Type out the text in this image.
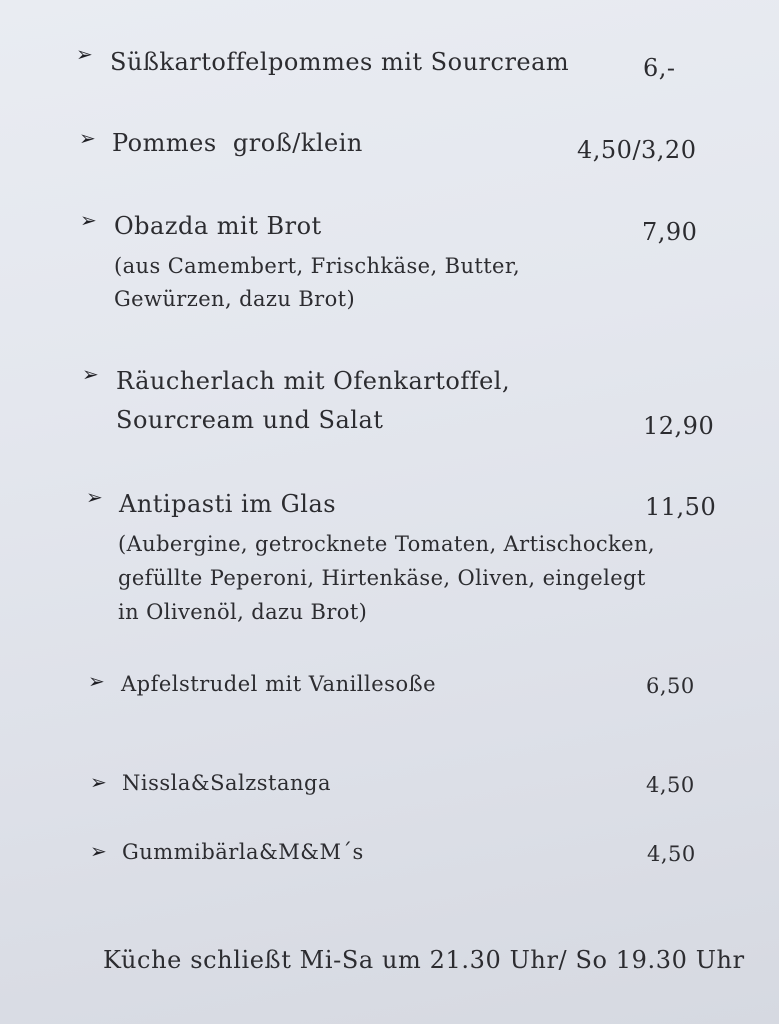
➢ Süßkartoffelpommes mit Sourcream	6,-
➢ Pommes  groß/klein	4,50/3,20
➢ Obazda mit Brot	7,90
(aus Camembert, Frischkäse, Butter,
Gewürzen, dazu Brot)
➢ Räucherlach mit Ofenkartoffel,
Sourcream und Salat	12,90
➢ Antipasti im Glas	11,50
(Aubergine, getrocknete Tomaten, Artischocken,
gefüllte Peperoni, Hirtenkäse, Oliven, eingelegt
in Olivenöl, dazu Brot)
➢ Apfelstrudel mit Vanillesoße	6,50
➢ Nissla&Salzstanga	4,50
➢ Gummibärla&M&M´s	4,50
Küche schließt Mi-Sa um 21.30 Uhr/ So 19.30 Uhr
